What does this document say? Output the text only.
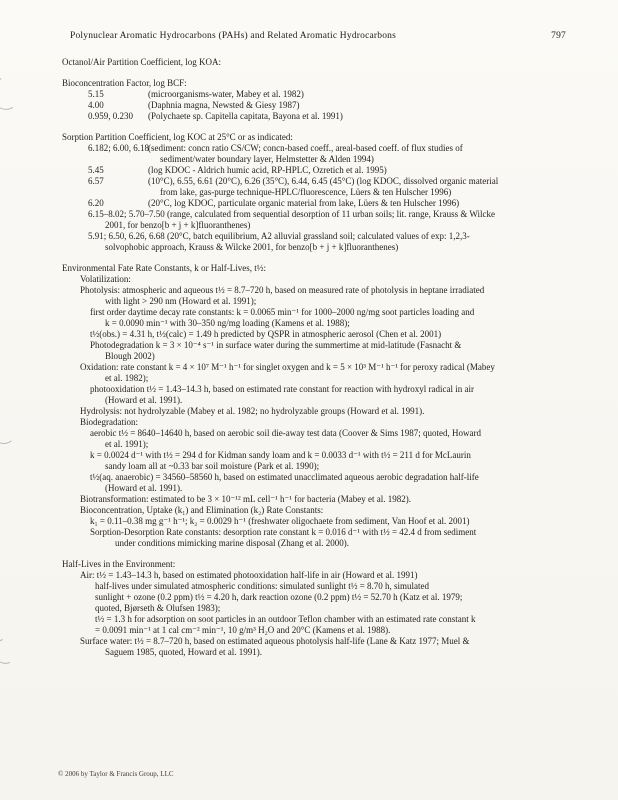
Polynuclear Aromatic Hydrocarbons (PAHs) and Related Aromatic Hydrocarbons	797
Octanol/Air Partition Coefficient, log KOA:
Bioconcentration Factor, log BCF:
5.15	(microorganisms-water, Mabey et al. 1982)
4.00	(Daphnia magna, Newsted & Giesy 1987)
0.959, 0.230	(Polychaete sp. Capitella capitata, Bayona et al. 1991)
Sorption Partition Coefficient, log KOC at 25°C or as indicated:
6.182; 6.00, 6.18
(sediment: concn ratio CS/CW; concn-based coeff., areal-based coeff. of flux studies of
sediment/water boundary layer, Helmstetter & Alden 1994)
5.45	(log KDOC - Aldrich humic acid, RP-HPLC, Ozretich et al. 1995)
6.57	(10°C), 6.55, 6.61 (20°C), 6.26 (35°C), 6.44, 6.45 (45°C) (log KDOC, dissolved organic material
from lake, gas-purge technique-HPLC/fluorescence, Lüers & ten Hulscher 1996)
6.20	(20°C, log KDOC, particulate organic material from lake, Lüers & ten Hulscher 1996)
6.15–8.02; 5.70–7.50 (range, calculated from sequential desorption of 11 urban soils; lit. range, Krauss & Wilcke
2001, for benzo[b + j + k]fluoranthenes)
5.91; 6.50, 6.26, 6.68 (20°C, batch equilibrium, A2 alluvial grassland soil; calculated values of exp: 1,2,3-
solvophobic approach, Krauss & Wilcke 2001, for benzo[b + j + k]fluoranthenes)
Environmental Fate Rate Constants, k or Half-Lives, t½:
Volatilization:
Photolysis: atmospheric and aqueous t½ = 8.7–720 h, based on measured rate of photolysis in heptane irradiated
with light > 290 nm (Howard et al. 1991);
first order daytime decay rate constants: k = 0.0065 min⁻¹ for 1000–2000 ng/mg soot particles loading and
k = 0.0090 min⁻¹ with 30–350 ng/mg loading (Kamens et al. 1988);
t½(obs.) = 4.31 h, t½(calc) = 1.49 h predicted by QSPR in atmospheric aerosol (Chen et al. 2001)
Photodegradation k = 3 × 10⁻⁴ s⁻¹ in surface water during the summertime at mid-latitude (Fasnacht &
Blough 2002)
Oxidation: rate constant k = 4 × 10⁷ M⁻¹ h⁻¹ for singlet oxygen and k = 5 × 10³ M⁻¹ h⁻¹ for peroxy radical (Mabey
et al. 1982);
photooxidation t½ = 1.43–14.3 h, based on estimated rate constant for reaction with hydroxyl radical in air
(Howard et al. 1991).
Hydrolysis: not hydrolyzable (Mabey et al. 1982; no hydrolyzable groups (Howard et al. 1991).
Biodegradation:
aerobic t½ = 8640–14640 h, based on aerobic soil die-away test data (Coover & Sims 1987; quoted, Howard
et al. 1991);
k = 0.0024 d⁻¹ with t½ = 294 d for Kidman sandy loam and k = 0.0033 d⁻¹ with t½ = 211 d for McLaurin
sandy loam all at ~0.33 bar soil moisture (Park et al. 1990);
t½(aq. anaerobic) = 34560–58560 h, based on estimated unacclimated aqueous aerobic degradation half-life
(Howard et al. 1991).
Biotransformation: estimated to be 3 × 10⁻¹² mL cell⁻¹ h⁻¹ for bacteria (Mabey et al. 1982).
Bioconcentration, Uptake (k₁) and Elimination (k₂) Rate Constants:
k₁ = 0.11–0.38 mg g⁻¹ h⁻¹; k₂ = 0.0029 h⁻¹ (freshwater oligochaete from sediment, Van Hoof et al. 2001)
Sorption-Desorption Rate constants: desorption rate constant k = 0.016 d⁻¹ with t½ = 42.4 d from sediment
under conditions mimicking marine disposal (Zhang et al. 2000).
Half-Lives in the Environment:
Air: t½ = 1.43–14.3 h, based on estimated photooxidation half-life in air (Howard et al. 1991)
half-lives under simulated atmospheric conditions: simulated sunlight t½ = 8.70 h, simulated
sunlight + ozone (0.2 ppm) t½ = 4.20 h, dark reaction ozone (0.2 ppm) t½ = 52.70 h (Katz et al. 1979;
quoted, Bjørseth & Olufsen 1983);
t½ = 1.3 h for adsorption on soot particles in an outdoor Teflon chamber with an estimated rate constant k
= 0.0091 min⁻¹ at 1 cal cm⁻² min⁻¹, 10 g/m³ H₂O and 20°C (Kamens et al. 1988).
Surface water: t½ = 8.7–720 h, based on estimated aqueous photolysis half-life (Lane & Katz 1977; Muel &
Saguem 1985, quoted, Howard et al. 1991).
© 2006 by Taylor & Francis Group, LLC
